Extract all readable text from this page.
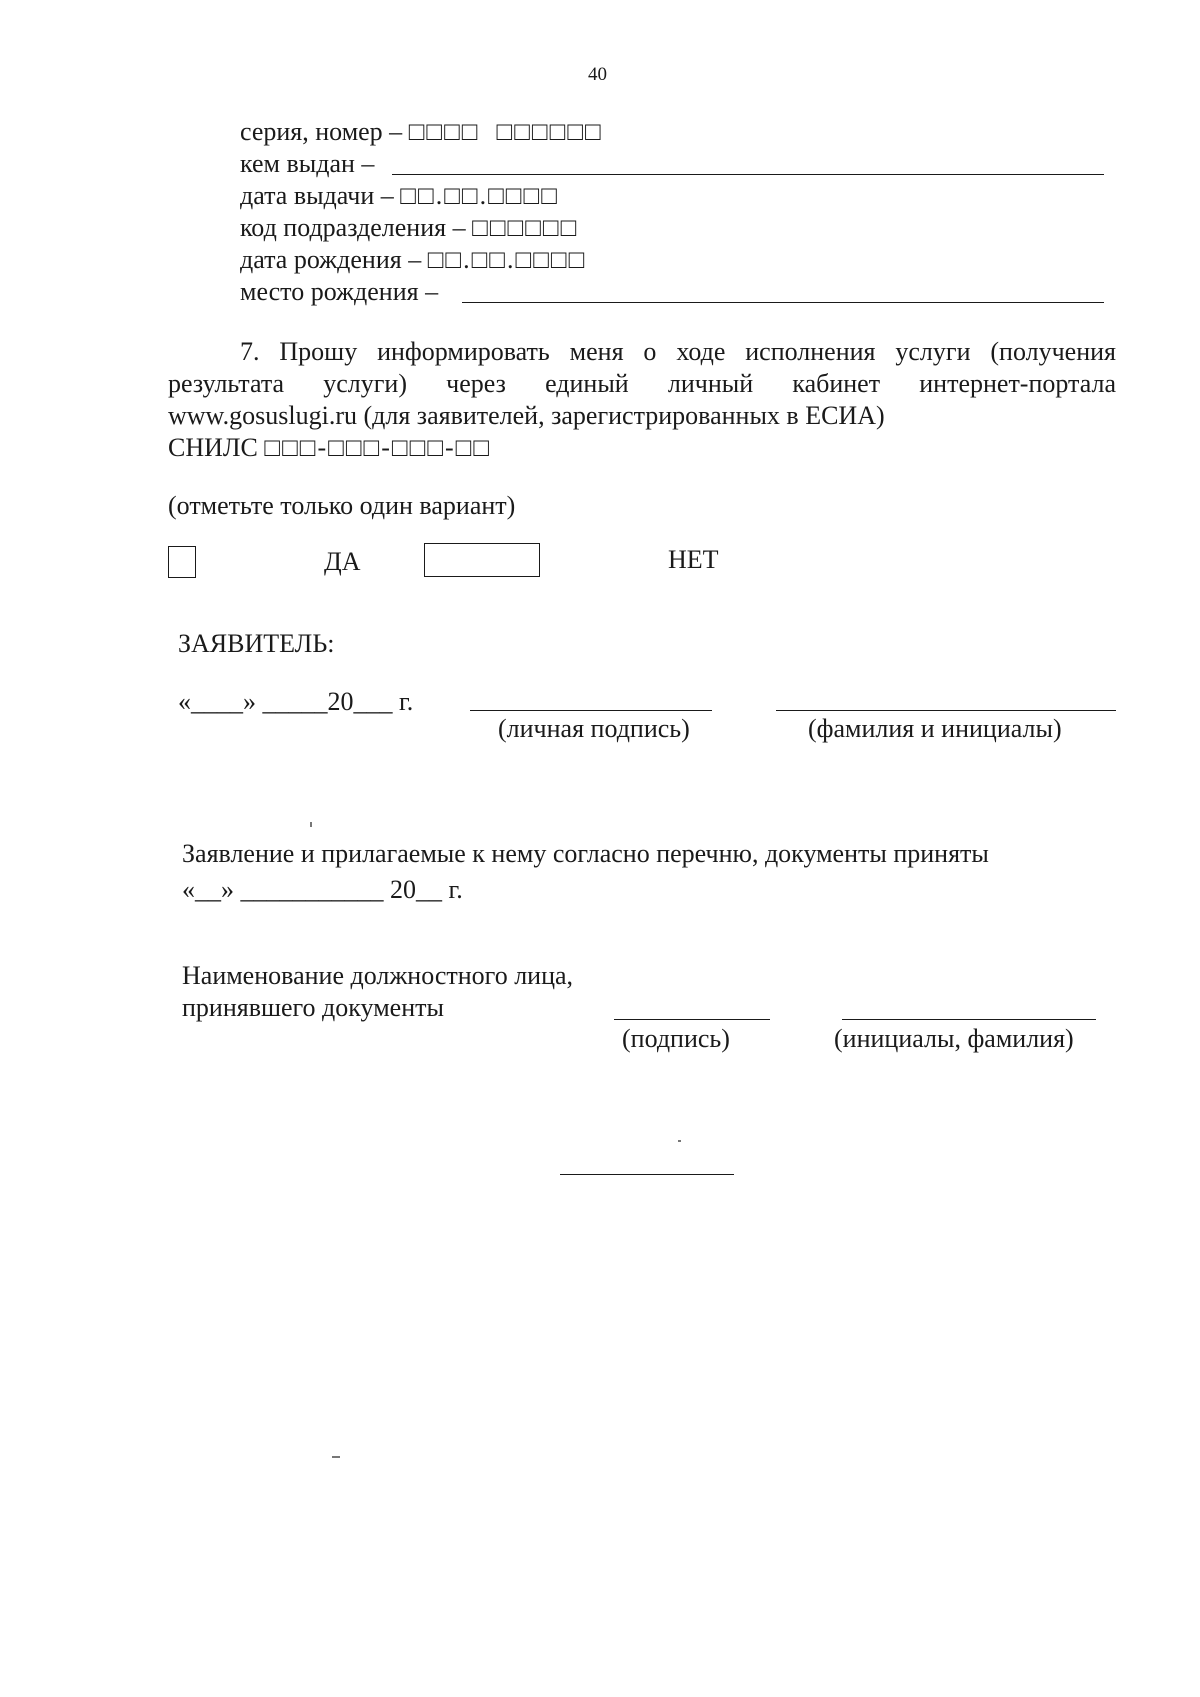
40
серия, номер – □□□□  □□□□□□
кем выдан –
дата выдачи – □□.□□.□□□□
код подразделения – □□□□□□
дата рождения – □□.□□.□□□□
место рождения –
7. Прошу информировать меня о ходе исполнения услуги (получения
результата услуги) через единый личный кабинет интернет-портала
www.gosuslugi.ru (для заявителей, зарегистрированных в ЕСИА)
СНИЛС □□□-□□□-□□□-□□
(отметьте только один вариант)
ДА	НЕТ
ЗАЯВИТЕЛЬ:
«____» _____20___ г.
(личная подпись)	(фамилия и инициалы)
Заявление и прилагаемые к нему согласно перечню, документы приняты
«__» ___________ 20__ г.
Наименование должностного лица,
принявшего документы
(подпись)	(инициалы, фамилия)
